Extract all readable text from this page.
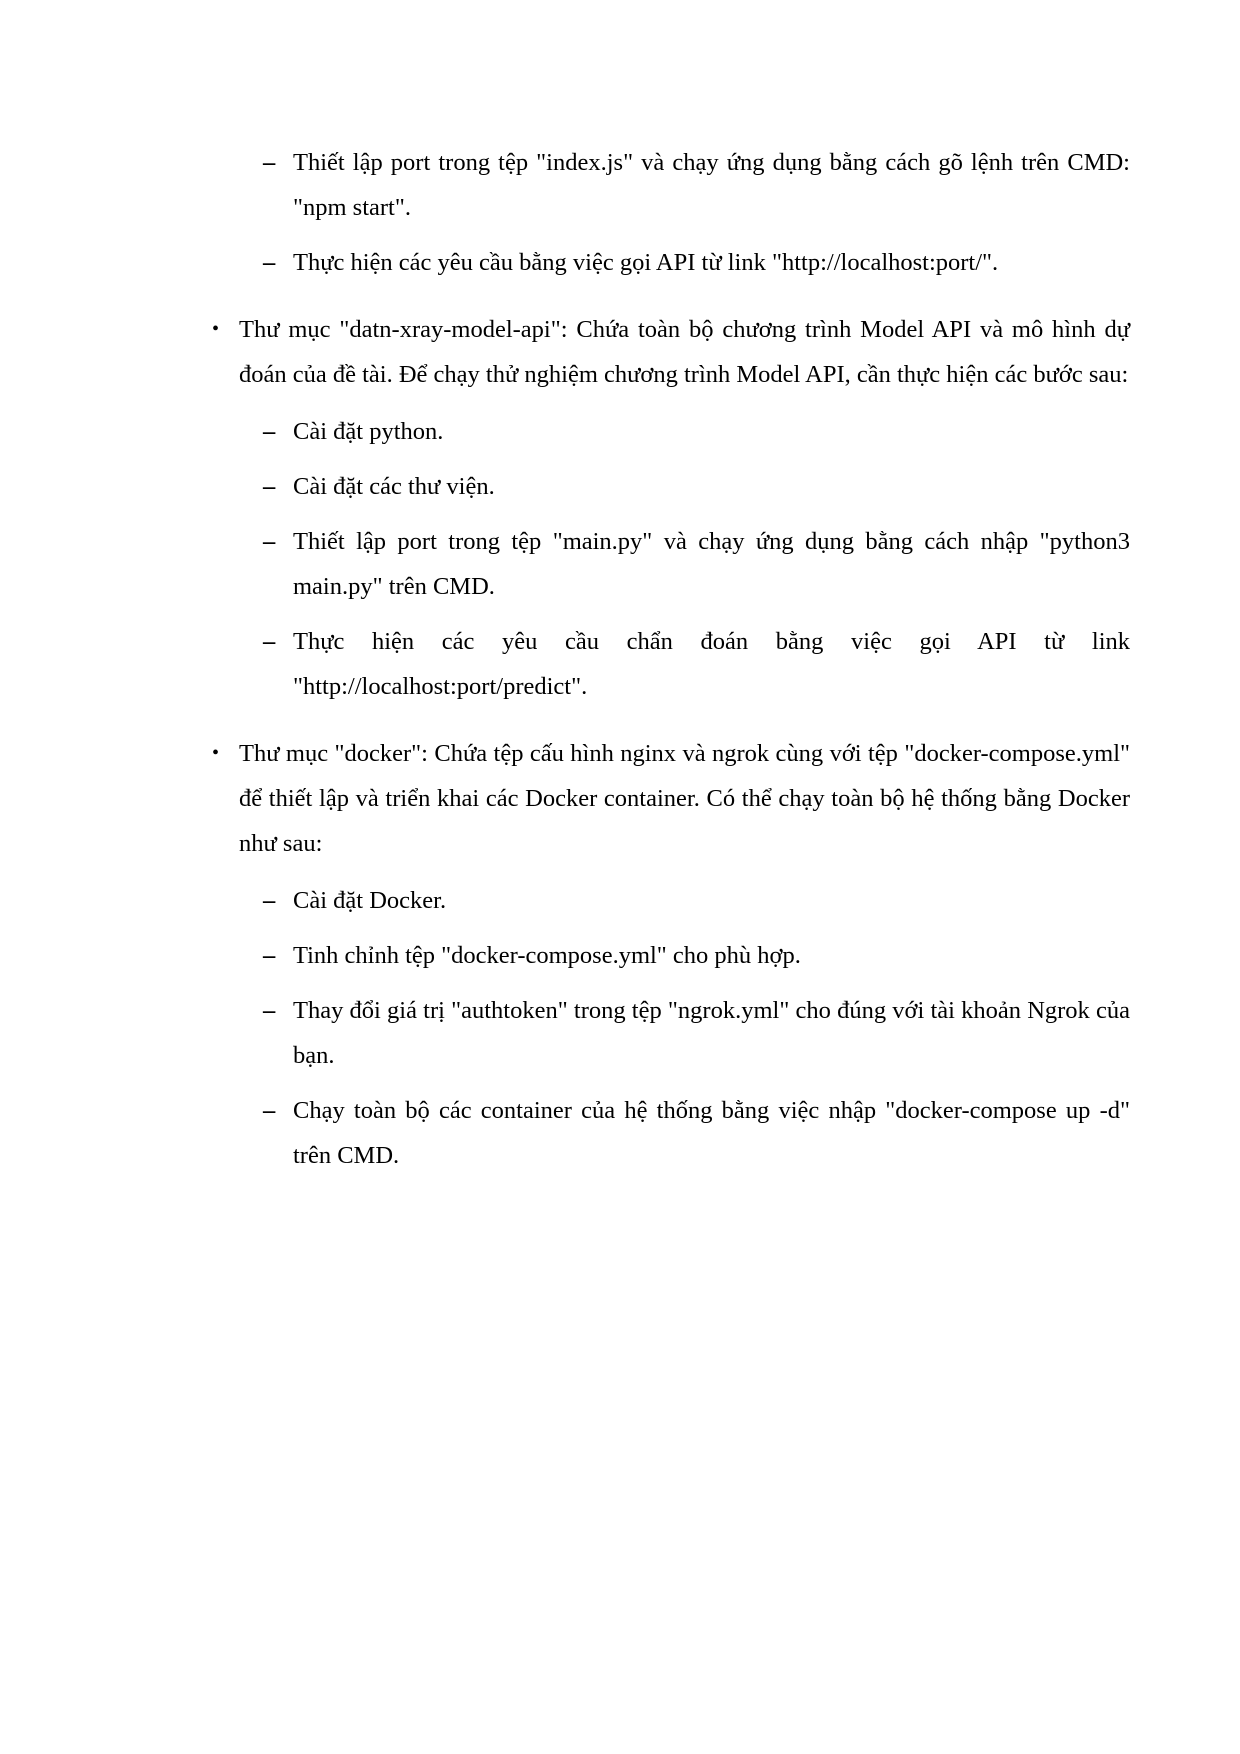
– Thiết lập port trong tệp "index.js" và chạy ứng dụng bằng cách gõ lệnh trên CMD: "npm start".
– Thực hiện các yêu cầu bằng việc gọi API từ link "http://localhost:port/".
• Thư mục "datn-xray-model-api": Chứa toàn bộ chương trình Model API và mô hình dự đoán của đề tài. Để chạy thử nghiệm chương trình Model API, cần thực hiện các bước sau:
– Cài đặt python.
– Cài đặt các thư viện.
– Thiết lập port trong tệp "main.py" và chạy ứng dụng bằng cách nhập "python3 main.py" trên CMD.
– Thực hiện các yêu cầu chẩn đoán bằng việc gọi API từ link "http://localhost:port/predict".
• Thư mục "docker": Chứa tệp cấu hình nginx và ngrok cùng với tệp "docker-compose.yml" để thiết lập và triển khai các Docker container. Có thể chạy toàn bộ hệ thống bằng Docker như sau:
– Cài đặt Docker.
– Tinh chỉnh tệp "docker-compose.yml" cho phù hợp.
– Thay đổi giá trị "authtoken" trong tệp "ngrok.yml" cho đúng với tài khoản Ngrok của bạn.
– Chạy toàn bộ các container của hệ thống bằng việc nhập "docker-compose up -d" trên CMD.
